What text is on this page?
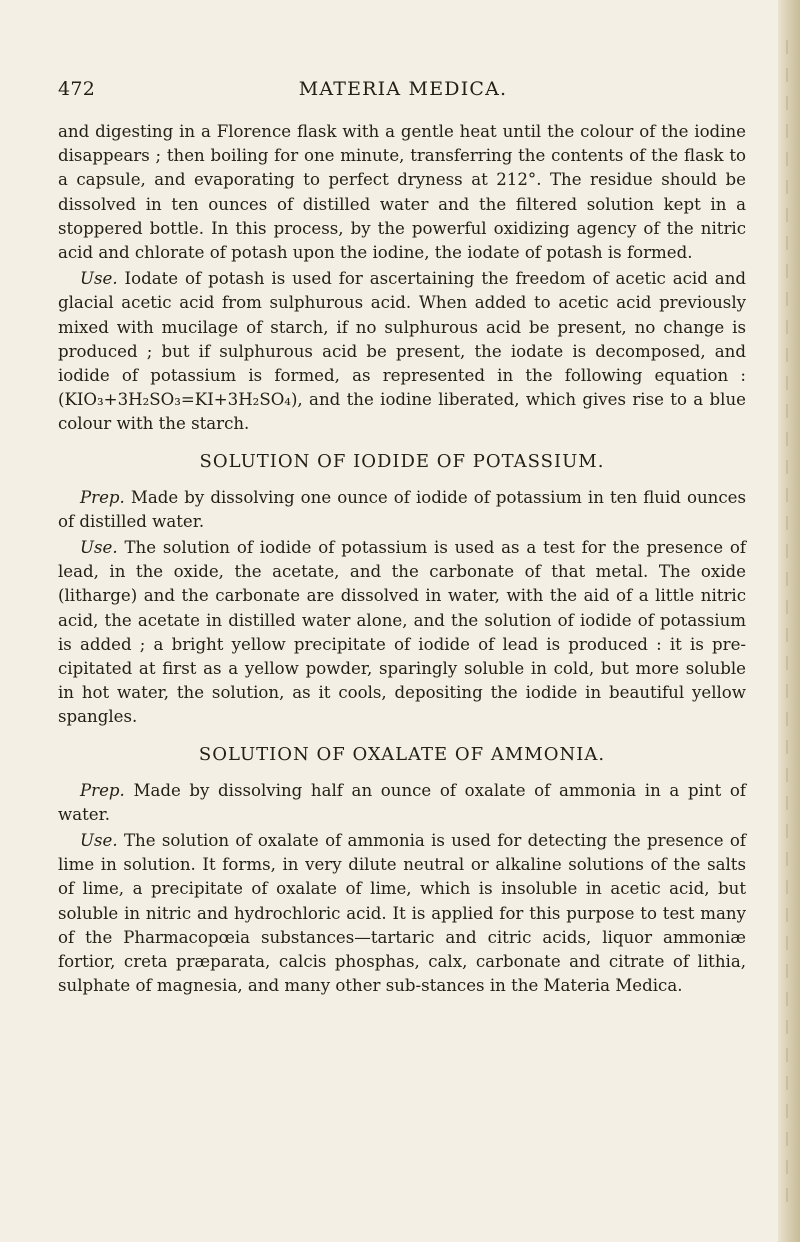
472	MATERIA MEDICA.

and digesting in a Florence flask with a gentle heat until the colour of the iodine disappears ; then boiling for one minute, transferring the contents of the flask to a capsule, and evaporating to perfect dryness at 212°. The residue should be dissolved in ten ounces of distilled water and the filtered solution kept in a stoppered bottle. In this process, by the powerful oxidizing agency of the nitric acid and chlorate of potash upon the iodine, the iodate of potash is formed.

Use. Iodate of potash is used for ascertaining the freedom of acetic acid and glacial acetic acid from sulphurous acid. When added to acetic acid previously mixed with mucilage of starch, if no sulphurous acid be present, no change is produced ; but if sulphurous acid be present, the iodate is decomposed, and iodide of potassium is formed, as represented in the following equation : (KIO₃+3H₂SO₃=KI+3H₂SO₄), and the iodine liberated, which gives rise to a blue colour with the starch.

SOLUTION OF IODIDE OF POTASSIUM.

Prep. Made by dissolving one ounce of iodide of potassium in ten fluid ounces of distilled water.

Use. The solution of iodide of potassium is used as a test for the presence of lead, in the oxide, the acetate, and the carbonate of that metal. The oxide (litharge) and the carbonate are dissolved in water, with the aid of a little nitric acid, the acetate in distilled water alone, and the solution of iodide of potassium is added ; a bright yellow precipitate of iodide of lead is produced : it is pre-cipitated at first as a yellow powder, sparingly soluble in cold, but more soluble in hot water, the solution, as it cools, depositing the iodide in beautiful yellow spangles.

SOLUTION OF OXALATE OF AMMONIA.

Prep. Made by dissolving half an ounce of oxalate of ammonia in a pint of water.

Use. The solution of oxalate of ammonia is used for detecting the presence of lime in solution. It forms, in very dilute neutral or alkaline solutions of the salts of lime, a precipitate of oxalate of lime, which is insoluble in acetic acid, but soluble in nitric and hydrochloric acid. It is applied for this purpose to test many of the Pharmacopœia substances—tartaric and citric acids, liquor ammoniæ fortior, creta præparata, calcis phosphas, calx, carbonate and citrate of lithia, sulphate of magnesia, and many other sub-stances in the Materia Medica.
